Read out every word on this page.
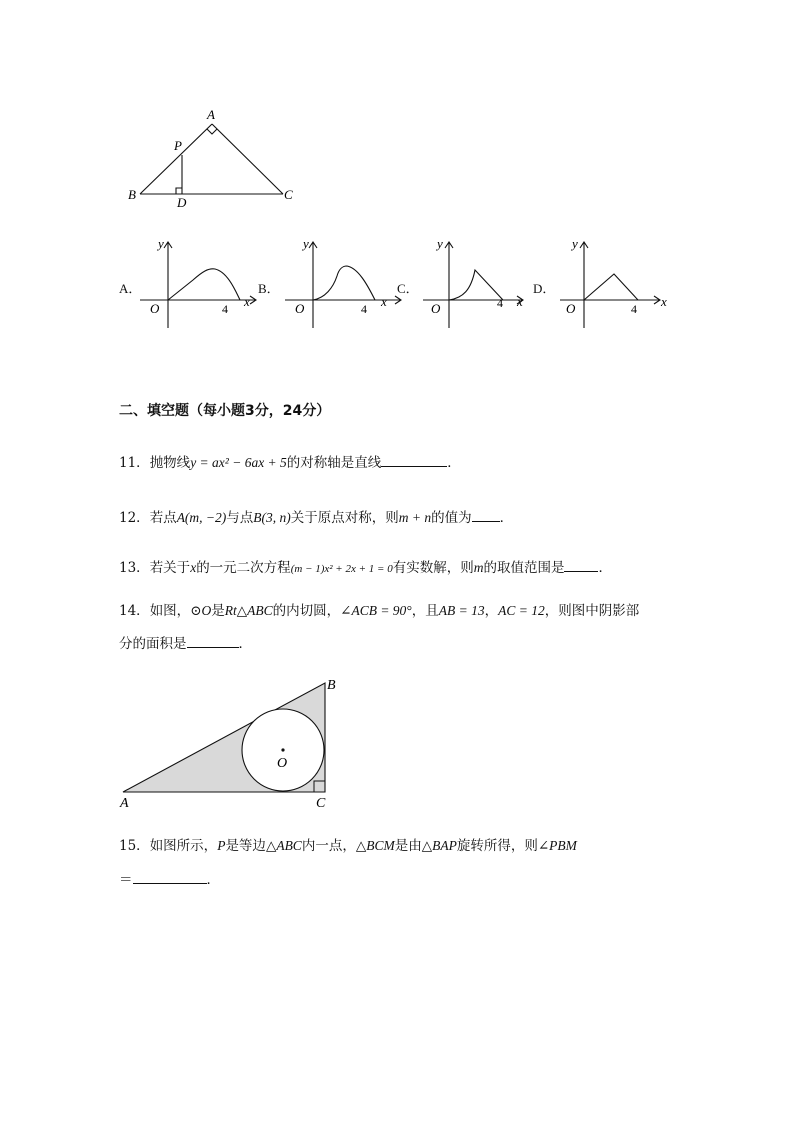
A
P
B
D
C
A．
y
x
O	4
B．
y
x
O	4
C．
y
x
O	4
D．
y
x
O	4
二、填空题（每小题3分，24分）
11．抛物线y = ax² − 6ax + 5的对称轴是直线	．
12．若点A(m, −2)与点B(3, n)关于原点对称，则m + n的值为 ．
13．若关于x的一元二次方程(m − 1)x² + 2x + 1 = 0有实数解，则m的取值范围是	．
14．如图，⊙O是Rt△ABC的内切圆，∠ACB = 90°，且AB = 13，AC = 12，则图中阴影部
分的面积是	．
A
B
C
O
15．如图所示，P是等边△ABC内一点，△BCM是由△BAP旋转所得，则∠PBM
＝	．
